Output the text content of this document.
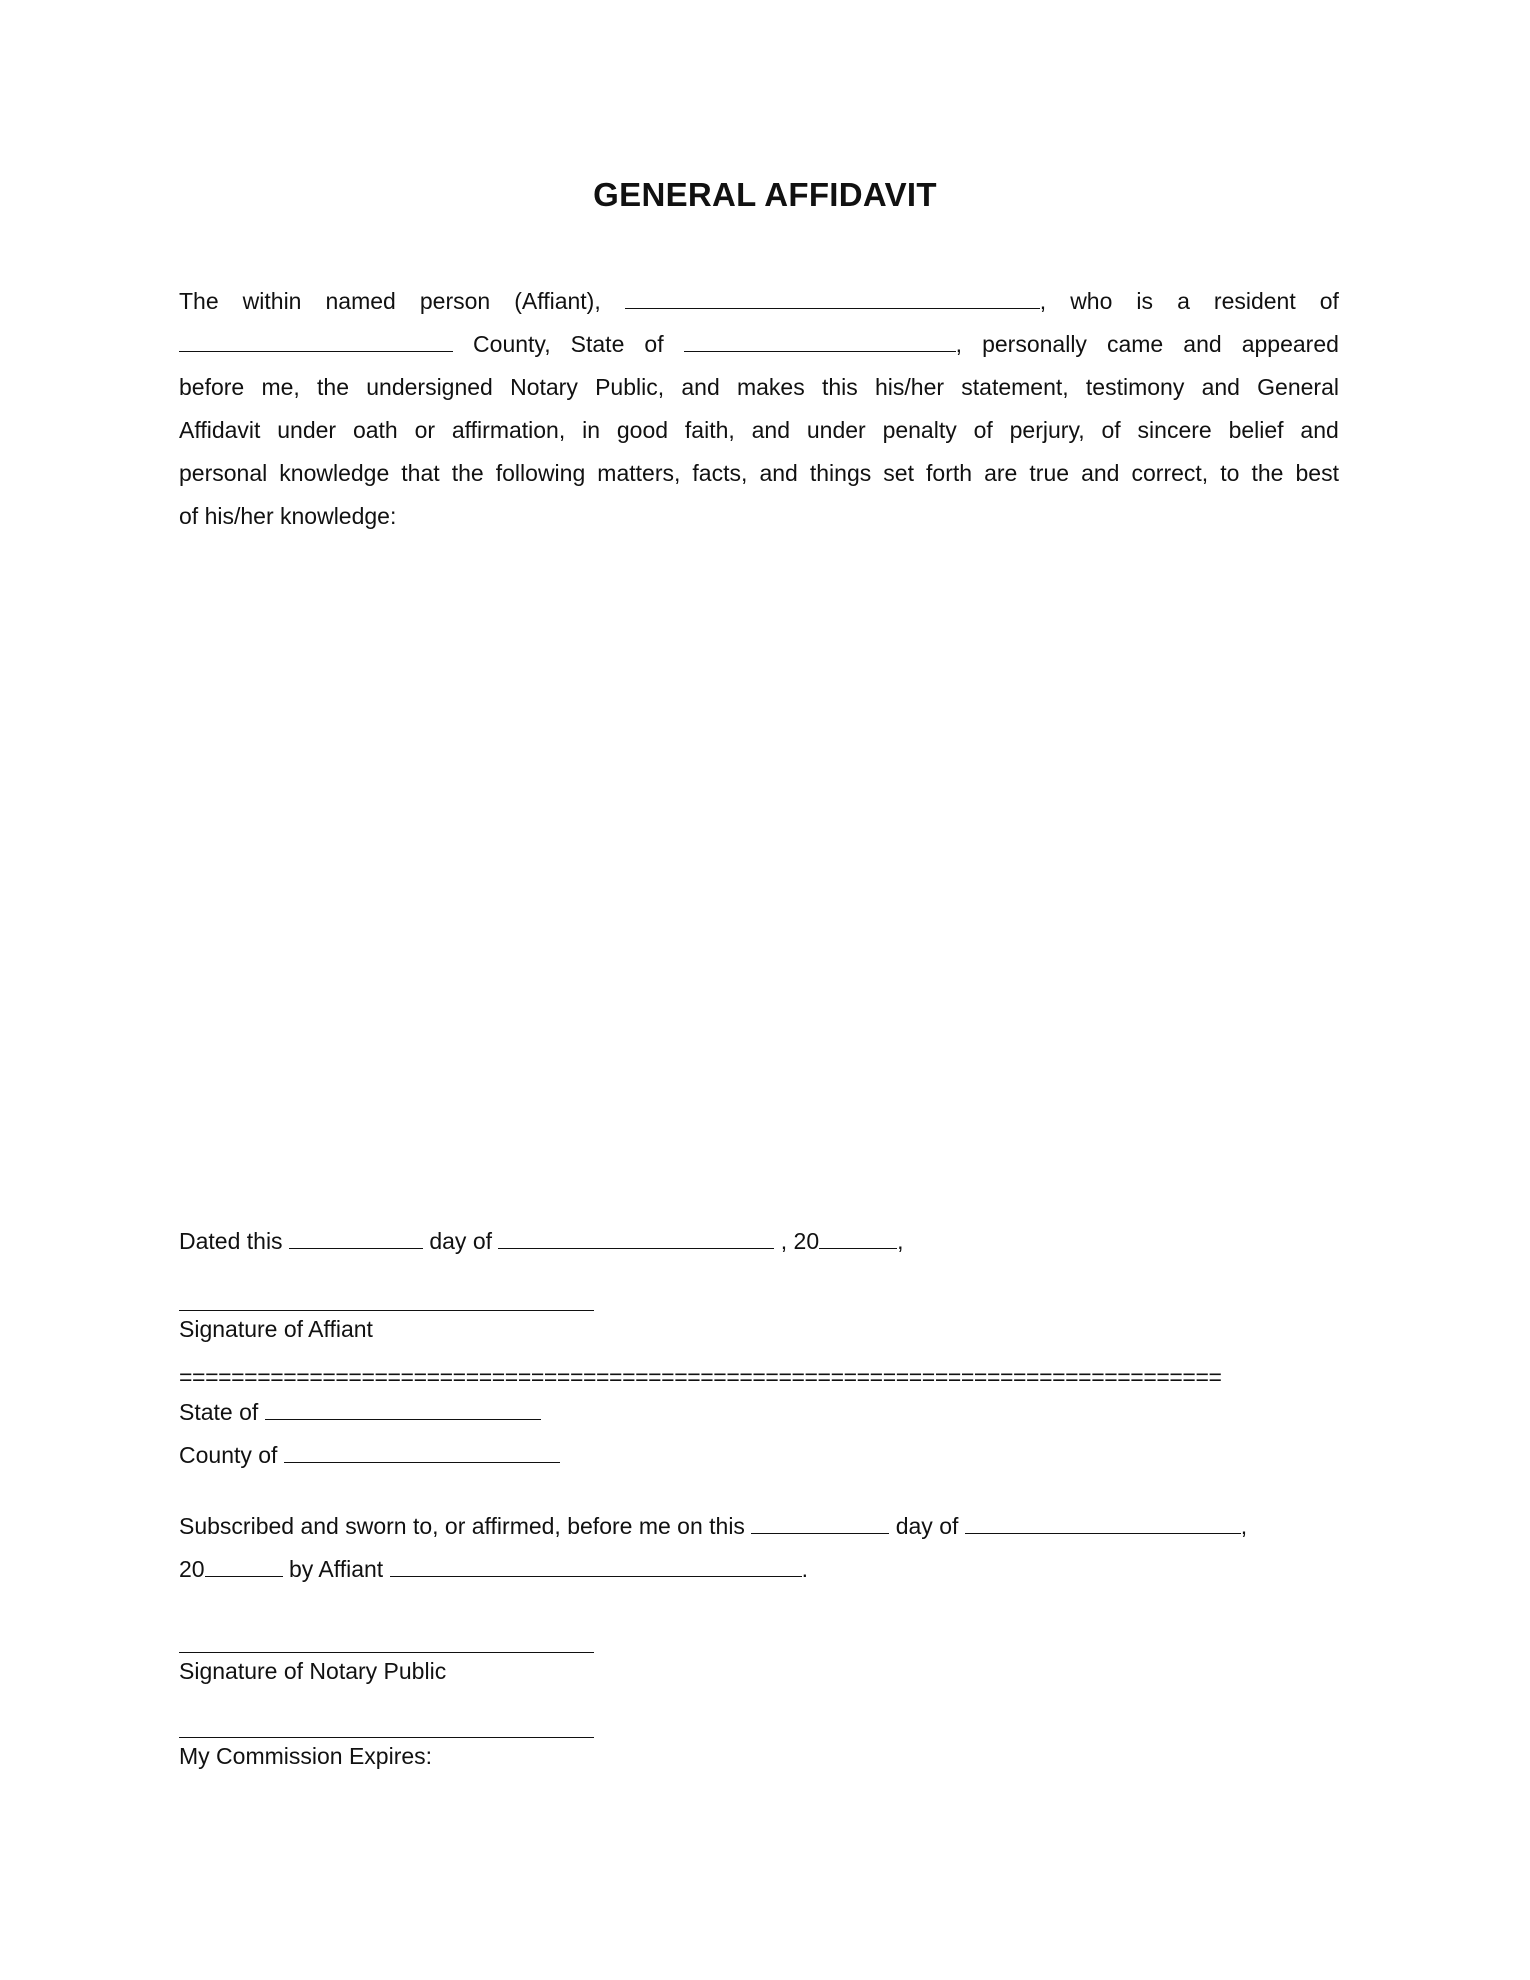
GENERAL AFFIDAVIT
The within named person (Affiant),	, who is a resident of
County, State of	, personally came and appeared
before me, the undersigned Notary Public, and makes this his/her statement, testimony and General
Affidavit under oath or affirmation, in good faith, and under penalty of perjury, of sincere belief and
personal knowledge that the following matters, facts, and things set forth are true and correct, to the best
of his/her knowledge:
Dated this	day of	, 20	,
Signature of Affiant
================================================================================
State of
County of
Subscribed and sworn to, or affirmed, before me on this	day of	,
20	by Affiant	.
Signature of Notary Public
My Commission Expires:
